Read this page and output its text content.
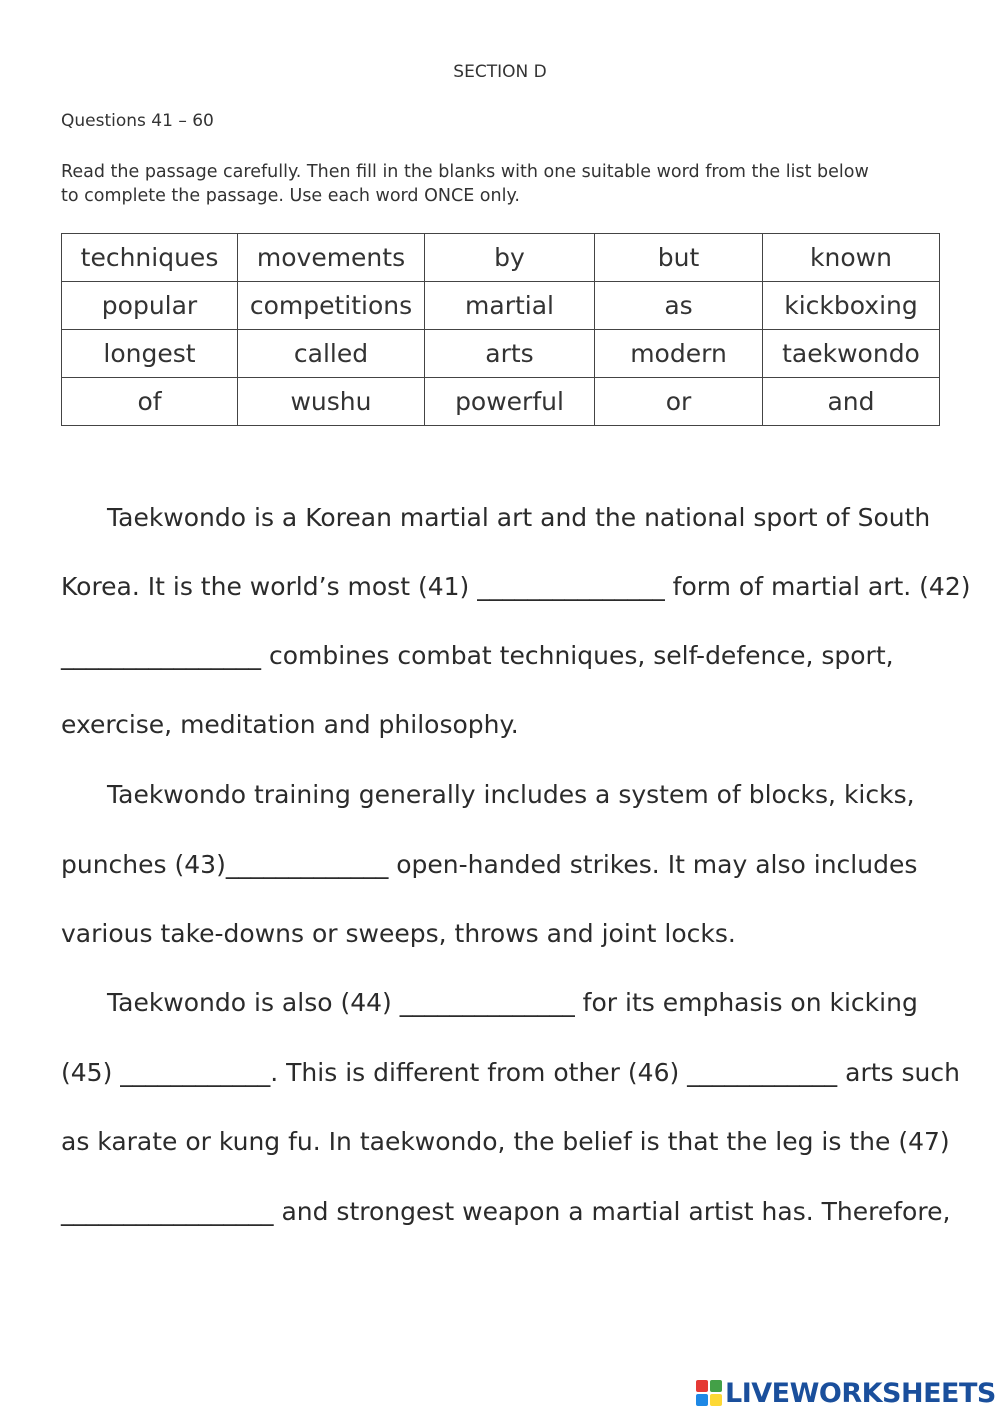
SECTION D
Questions 41 – 60
Read the passage carefully. Then fill in the blanks with one suitable word from the list below
to complete the passage. Use each word ONCE only.
techniques	movements	by	but	known
popular	competitions	martial	as	kickboxing
longest	called	arts	modern	taekwondo
of	wushu	powerful	or	and
Taekwondo is a Korean martial art and the national sport of South
Korea. It is the world’s most (41) _______________ form of martial art. (42)
________________ combines combat techniques, self-defence, sport,
exercise, meditation and philosophy.
Taekwondo training generally includes a system of blocks, kicks,
punches (43)_____________ open-handed strikes. It may also includes
various take-downs or sweeps, throws and joint locks.
Taekwondo is also (44) ______________ for its emphasis on kicking
(45) ____________. This is different from other (46) ____________ arts such
as karate or kung fu. In taekwondo, the belief is that the leg is the (47)
_________________ and strongest weapon a martial artist has. Therefore,
LIVEWORKSHEETS
